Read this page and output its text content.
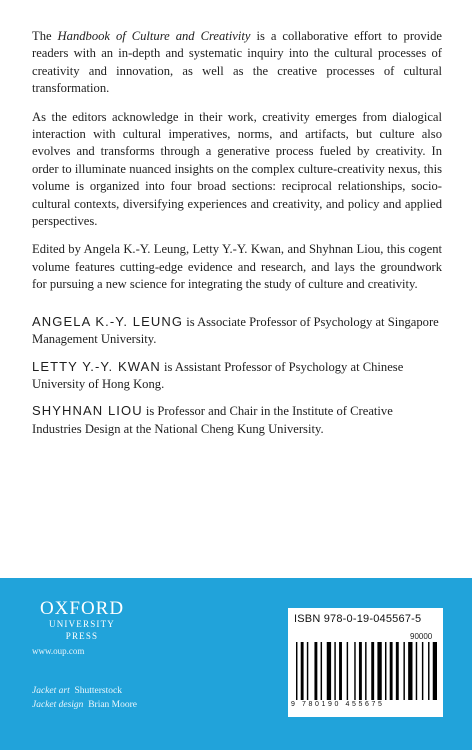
The Handbook of Culture and Creativity is a collaborative effort to provide readers with an in-depth and systematic inquiry into the cultural processes of creativity and innovation, as well as the creative processes of cultural transformation.

As the editors acknowledge in their work, creativity emerges from dialogical interaction with cultural imperatives, norms, and artifacts, but culture also evolves and transforms through a generative process fueled by creativity. In order to illuminate nuanced insights on the complex culture-creativity nexus, this volume is organized into four broad sections: reciprocal relationships, socio-cultural contexts, diversifying experiences and creativity, and policy and applied perspectives.

Edited by Angela K.-Y. Leung, Letty Y.-Y. Kwan, and Shyhnan Liou, this cogent volume features cutting-edge evidence and research, and lays the groundwork for pursuing a new science for integrating the study of culture and creativity.

ANGELA K.-Y. LEUNG is Associate Professor of Psychology at Singapore Management University.

LETTY Y.-Y. KWAN is Assistant Professor of Psychology at Chinese University of Hong Kong.

SHYHNAN LIOU is Professor and Chair in the Institute of Creative Industries Design at the National Cheng Kung University.

OXFORD
UNIVERSITY PRESS
www.oup.com
Jacket art Shutterstock
Jacket design Brian Moore
ISBN 978-0-19-045567-5
90000
9 780190 455675
